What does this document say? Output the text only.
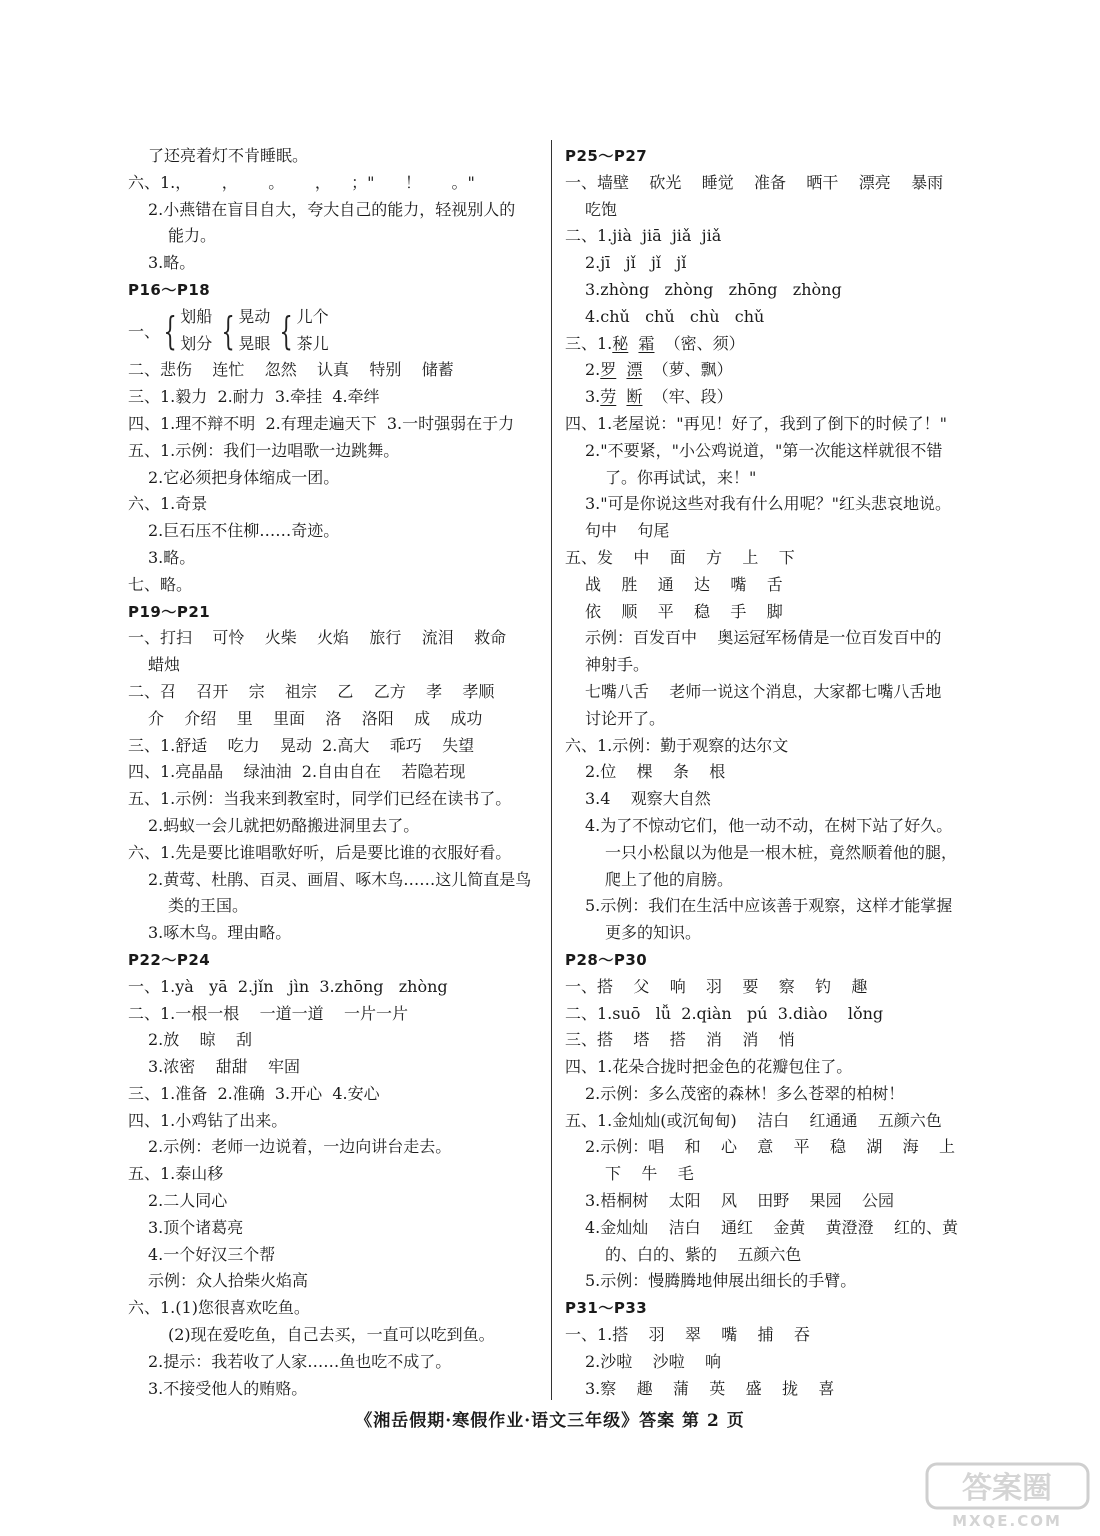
了还亮着灯不肯睡眠。
六、1.，      ，      。      ，    ；"      ！      。"
2.小燕错在盲目自大，夸大自己的能力，轻视别人的
能力。
3.略。
P16～P18
一、 { 划船
划分 { 晃动
晃眼 { 儿个
茶儿
二、悲伤    连忙    忽然    认真    特别    储蓄
三、1.毅力  2.耐力  3.牵挂  4.牵绊
四、1.理不辩不明  2.有理走遍天下  3.一时强弱在于力
五、1.示例：我们一边唱歌一边跳舞。
2.它必须把身体缩成一团。
六、1.奇景
2.巨石压不住柳……奇迹。
3.略。
七、略。
P19～P21
一、打扫    可怜    火柴    火焰    旅行    流泪    救命
蜡烛
二、召    召开    宗    祖宗    乙    乙方    孝    孝顺
介    介绍    里    里面    洛    洛阳    成    成功
三、1.舒适    吃力    晃动  2.高大    乖巧    失望
四、1.亮晶晶    绿油油  2.自由自在    若隐若现
五、1.示例：当我来到教室时，同学们已经在读书了。
2.蚂蚁一会儿就把奶酪搬进洞里去了。
六、1.先是要比谁唱歌好听，后是要比谁的衣服好看。
2.黄莺、杜鹃、百灵、画眉、啄木鸟……这儿简直是鸟
类的王国。
3.啄木鸟。理由略。
P22～P24
一、1.yà   yā  2.jǐn   jìn  3.zhōng   zhòng
二、1.一根一根    一道一道    一片一片
2.放    晾    刮
3.浓密    甜甜    牢固
三、1.准备  2.准确  3.开心  4.安心
四、1.小鸡钻了出来。
2.示例：老师一边说着，一边向讲台走去。
五、1.泰山移
2.二人同心
3.顶个诸葛亮
4.一个好汉三个帮
示例：众人拾柴火焰高
六、1.(1)您很喜欢吃鱼。
(2)现在爱吃鱼，自己去买，一直可以吃到鱼。
2.提示：我若收了人家……鱼也吃不成了。
3.不接受他人的贿赂。
P25～P27
一、墙壁    砍光    睡觉    准备    晒干    漂亮    暴雨
吃饱
二、1.jià  jiā  jiǎ  jiǎ
2.jī   jǐ   jǐ   jǐ
3.zhòng   zhòng   zhōng   zhòng
4.chǔ   chǔ   chù   chǔ
三、1.秘 霜  （密、须）
2.罗 漂  （萝、飘）
3.劳 断  （牢、段）
四、1.老屋说："再见！好了，我到了倒下的时候了！"
2."不要紧，"小公鸡说道，"第一次能这样就很不错
了。你再试试，来！"
3."可是你说这些对我有什么用呢？"红头悲哀地说。
句中    句尾
五、发    中    面    方    上    下
战    胜    通    达    嘴    舌
依    顺    平    稳    手    脚
示例：百发百中    奥运冠军杨倩是一位百发百中的
神射手。
七嘴八舌    老师一说这个消息，大家都七嘴八舌地
讨论开了。
六、1.示例：勤于观察的达尔文
2.位    棵    条    根
3.4    观察大自然
4.为了不惊动它们，他一动不动，在树下站了好久。
一只小松鼠以为他是一根木桩，竟然顺着他的腿，
爬上了他的肩膀。
5.示例：我们在生活中应该善于观察，这样才能掌握
更多的知识。
P28～P30
一、搭    父    响    羽    要    察    钓    趣
二、1.suō   lǚ  2.qiàn   pú  3.diào    lǒng
三、搭    塔    搭    消    消    悄
四、1.花朵合拢时把金色的花瓣包住了。
2.示例：多么茂密的森林！多么苍翠的柏树！
五、1.金灿灿(或沉甸甸)    洁白    红通通    五颜六色
2.示例：唱    和    心    意    平    稳    湖    海    上
下    牛    毛
3.梧桐树    太阳    风    田野    果园    公园
4.金灿灿    洁白    通红    金黄    黄澄澄    红的、黄
的、白的、紫的    五颜六色
5.示例：慢腾腾地伸展出细长的手臂。
P31～P33
一、1.搭    羽    翠    嘴    捕    吞
2.沙啦    沙啦    响
3.察    趣    蒲    英    盛    拢    喜
《湘岳假期·寒假作业·语文三年级》答案 第 2 页
答案圈
MXQE.COM
